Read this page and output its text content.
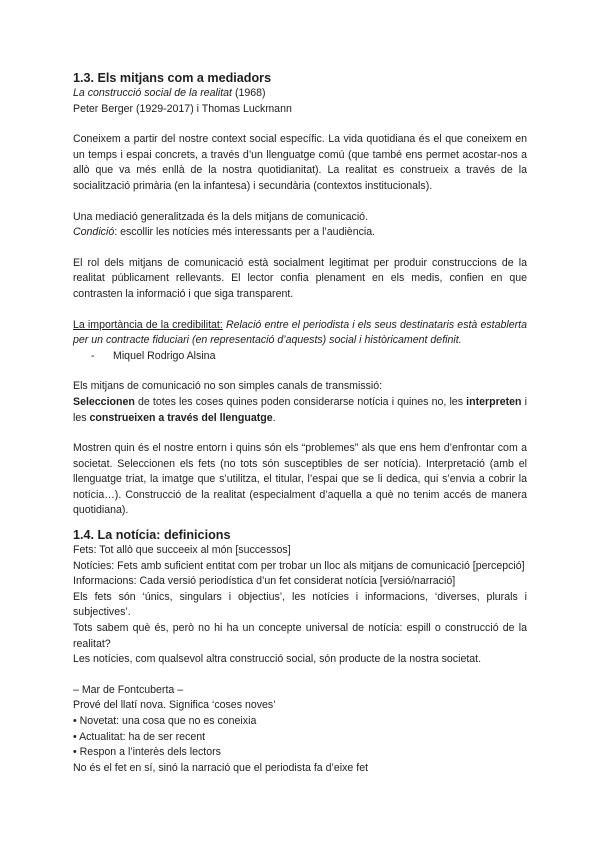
1.3. Els mitjans com a mediadors

La construcció social de la realitat (1968)

Peter Berger (1929-2017) i Thomas Luckmann

Coneixem a partir del nostre context social específic. La vida quotidiana és el que coneixem en un temps i espai concrets, a través d’un llenguatge comú (que també ens permet acostar-nos a allò que va més enllà de la nostra quotidianitat). La realitat es construeix a través de la socialització primària (en la infantesa) i secundària (contextos institucionals).

Una mediació generalitzada és la dels mitjans de comunicació.

Condició: escollir les notícies més interessants per a l’audiència.

El rol dels mitjans de comunicació està socialment legitimat per produir construccions de la realitat públicament rellevants. El lector confia plenament en els medis, confien en que contrasten la informació i que siga transparent.

La importància de la credibilitat: Relació entre el periodista i els seus destinataris està establerta per un contracte fiduciari (en representació d’aquests) social i històricament definit.

-	Miquel Rodrigo Alsina

Els mitjans de comunicació no son simples canals de transmissió:

Seleccionen de totes les coses quines poden considerarse notícia i quines no, les interpreten i les construeixen a través del llenguatge.

Mostren quin és el nostre entorn i quins són els “problemes” als que ens hem d’enfrontar com a societat. Seleccionen els fets (no tots són susceptibles de ser notícia). Interpretació (amb el llenguatge triat, la imatge que s’utilitza, el titular, l’espai que se li dedica, qui s’envia a cobrir la notícia…). Construcció de la realitat (especialment d’aquella a què no tenim accés de manera quotidiana).

1.4. La notícia: definicions

Fets: Tot allò que succeeix al món [successos]

Notícies: Fets amb suficient entitat com per trobar un lloc als mitjans de comunicació [percepció]

Informacions: Cada versió periodística d’un fet considerat notícia [versió/narració]

Els fets són ‘únics, singulars i objectius’, les notícies i informacions, ‘diverses, plurals i subjectives’.

Tots sabem què és, però no hi ha un concepte universal de notícia: espill o construcció de la realitat?

Les notícies, com qualsevol altra construcció social, són producte de la nostra societat.

– Mar de Fontcuberta –

Prové del llatí nova. Significa ‘coses noves’

• Novetat: una cosa que no es coneixia

• Actualitat: ha de ser recent

• Respon a l’interès dels lectors

No és el fet en sí, sinó la narració que el periodista fa d’eixe fet
